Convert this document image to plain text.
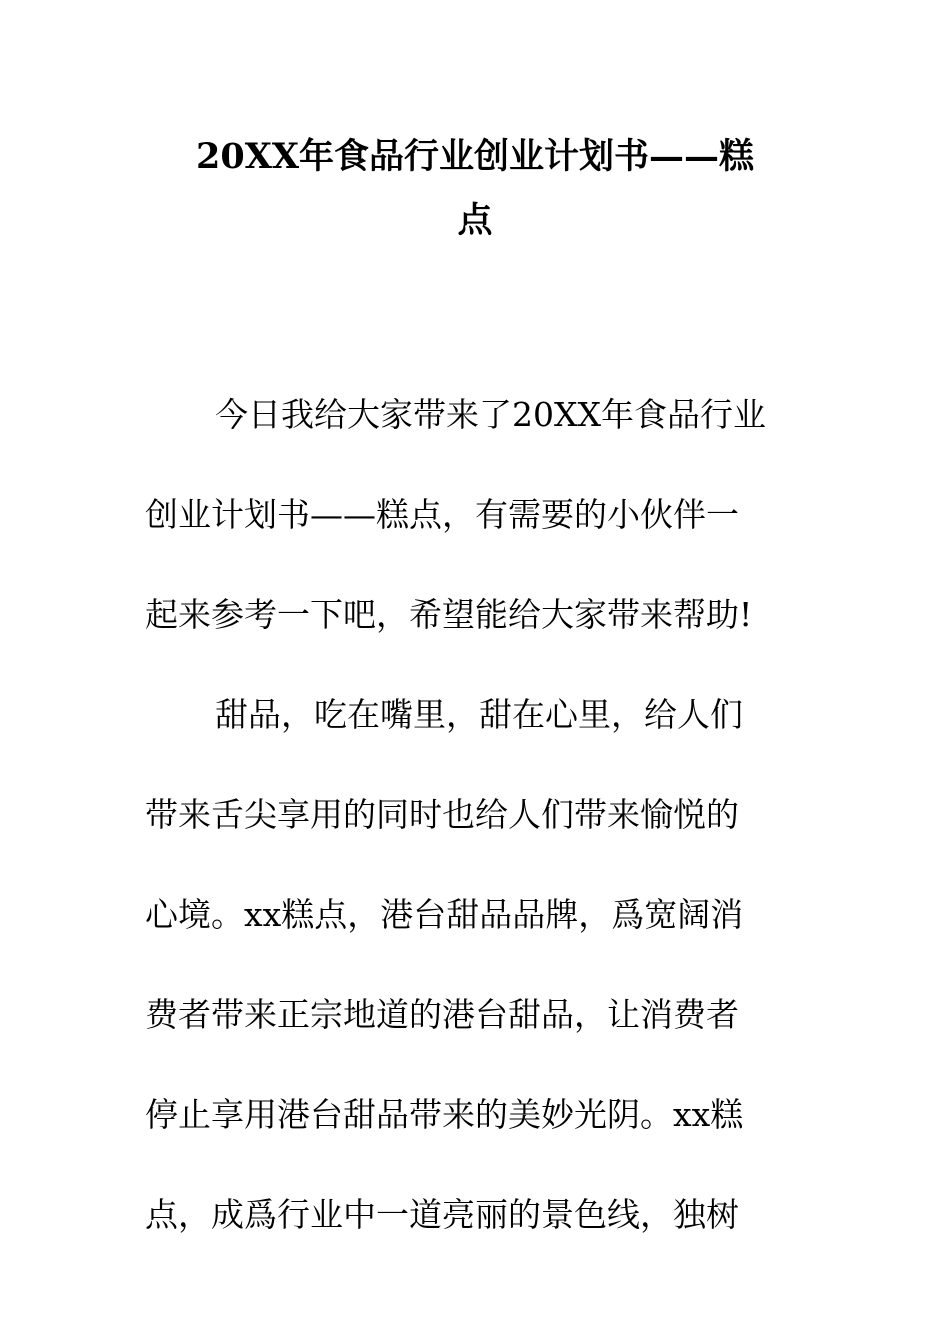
20XX年食品行业创业计划书——糕
点
今日我给大家带来了20XX年食品行业
创业计划书——糕点，有需要的小伙伴一
起来参考一下吧，希望能给大家带来帮助!
甜品，吃在嘴里，甜在心里，给人们
带来舌尖享用的同时也给人们带来愉悦的
心境。xx糕点，港台甜品品牌，爲宽阔消
费者带来正宗地道的港台甜品，让消费者
停止享用港台甜品带来的美妙光阴。xx糕
点，成爲行业中一道亮丽的景色线，独树
